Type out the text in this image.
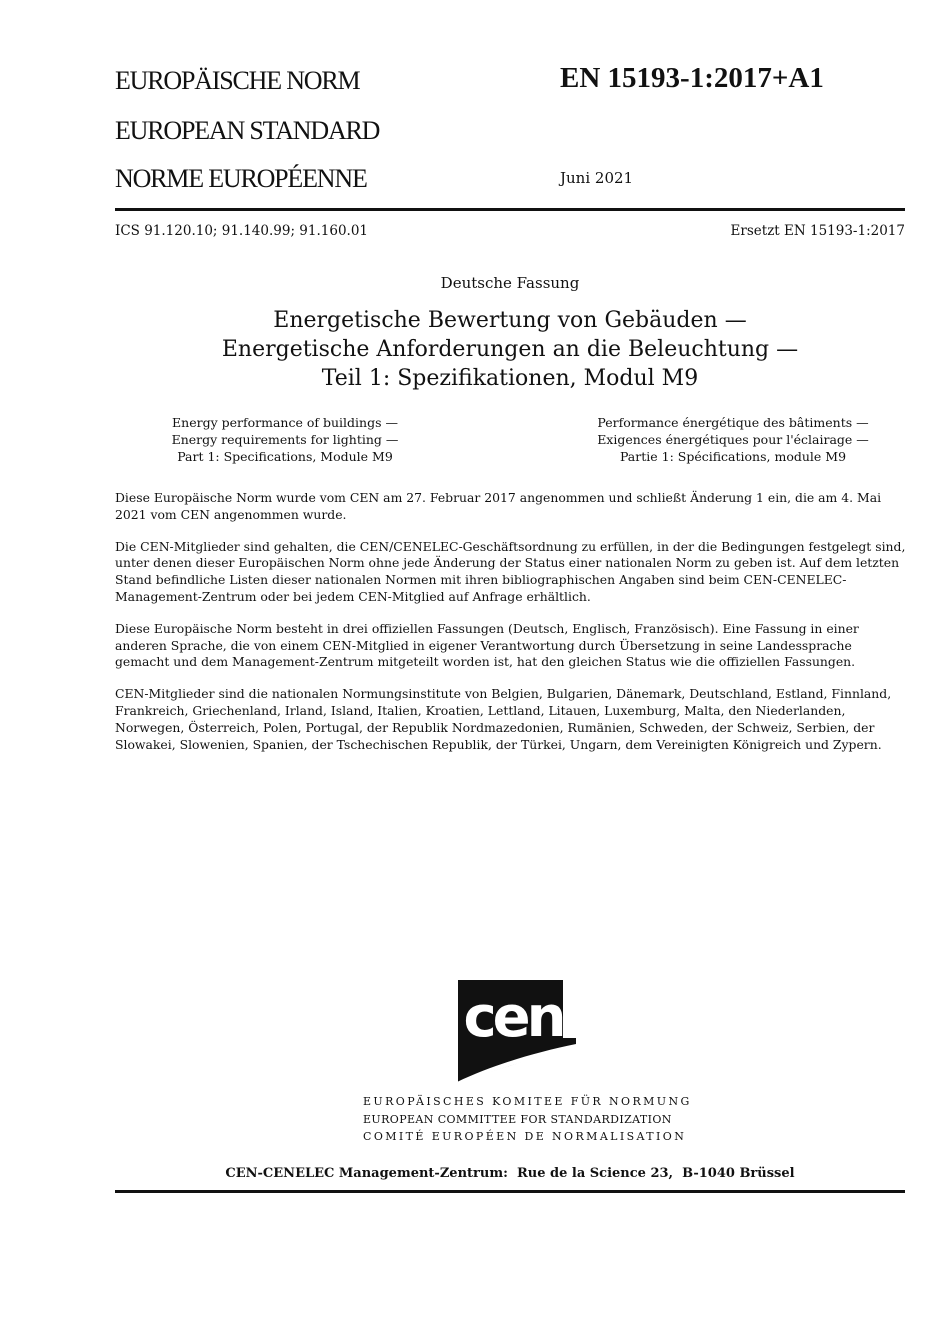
EUROPÄISCHE NORM
EUROPEAN STANDARD
NORME EUROPÉENNE
EN 15193-1:2017+A1
Juni 2021
ICS 91.120.10; 91.140.99; 91.160.01	Ersetzt EN 15193-1:2017
Deutsche Fassung
Energetische Bewertung von Gebäuden —
Energetische Anforderungen an die Beleuchtung —
Teil 1: Spezifikationen, Modul M9
Energy performance of buildings —
Energy requirements for lighting —
Part 1: Specifications, Module M9
Performance énergétique des bâtiments —
Exigences énergétiques pour l'éclairage —
Partie 1: Spécifications, module M9

Diese Europäische Norm wurde vom CEN am 27. Februar 2017 angenommen und schließt Änderung 1 ein, die am 4. Mai 2021 vom CEN angenommen wurde.

Die CEN-Mitglieder sind gehalten, die CEN/CENELEC-Geschäftsordnung zu erfüllen, in der die Bedingungen festgelegt sind, unter denen dieser Europäischen Norm ohne jede Änderung der Status einer nationalen Norm zu geben ist. Auf dem letzten Stand befindliche Listen dieser nationalen Normen mit ihren bibliographischen Angaben sind beim CEN-CENELEC-Management-Zentrum oder bei jedem CEN-Mitglied auf Anfrage erhältlich.

Diese Europäische Norm besteht in drei offiziellen Fassungen (Deutsch, Englisch, Französisch). Eine Fassung in einer anderen Sprache, die von einem CEN-Mitglied in eigener Verantwortung durch Übersetzung in seine Landessprache gemacht und dem Management-Zentrum mitgeteilt worden ist, hat den gleichen Status wie die offiziellen Fassungen.

CEN-Mitglieder sind die nationalen Normungsinstitute von Belgien, Bulgarien, Dänemark, Deutschland, Estland, Finnland, Frankreich, Griechenland, Irland, Island, Italien, Kroatien, Lettland, Litauen, Luxemburg, Malta, den Niederlanden, Norwegen, Österreich, Polen, Portugal, der Republik Nordmazedonien, Rumänien, Schweden, der Schweiz, Serbien, der Slowakei, Slowenien, Spanien, der Tschechischen Republik, der Türkei, Ungarn, dem Vereinigten Königreich und Zypern.

cen
EUROPÄISCHES KOMITEE FÜR NORMUNG
EUROPEAN COMMITTEE FOR STANDARDIZATION
COMITÉ EUROPÉEN DE NORMALISATION
CEN-CENELEC Management-Zentrum:  Rue de la Science 23,  B-1040 Brüssel
